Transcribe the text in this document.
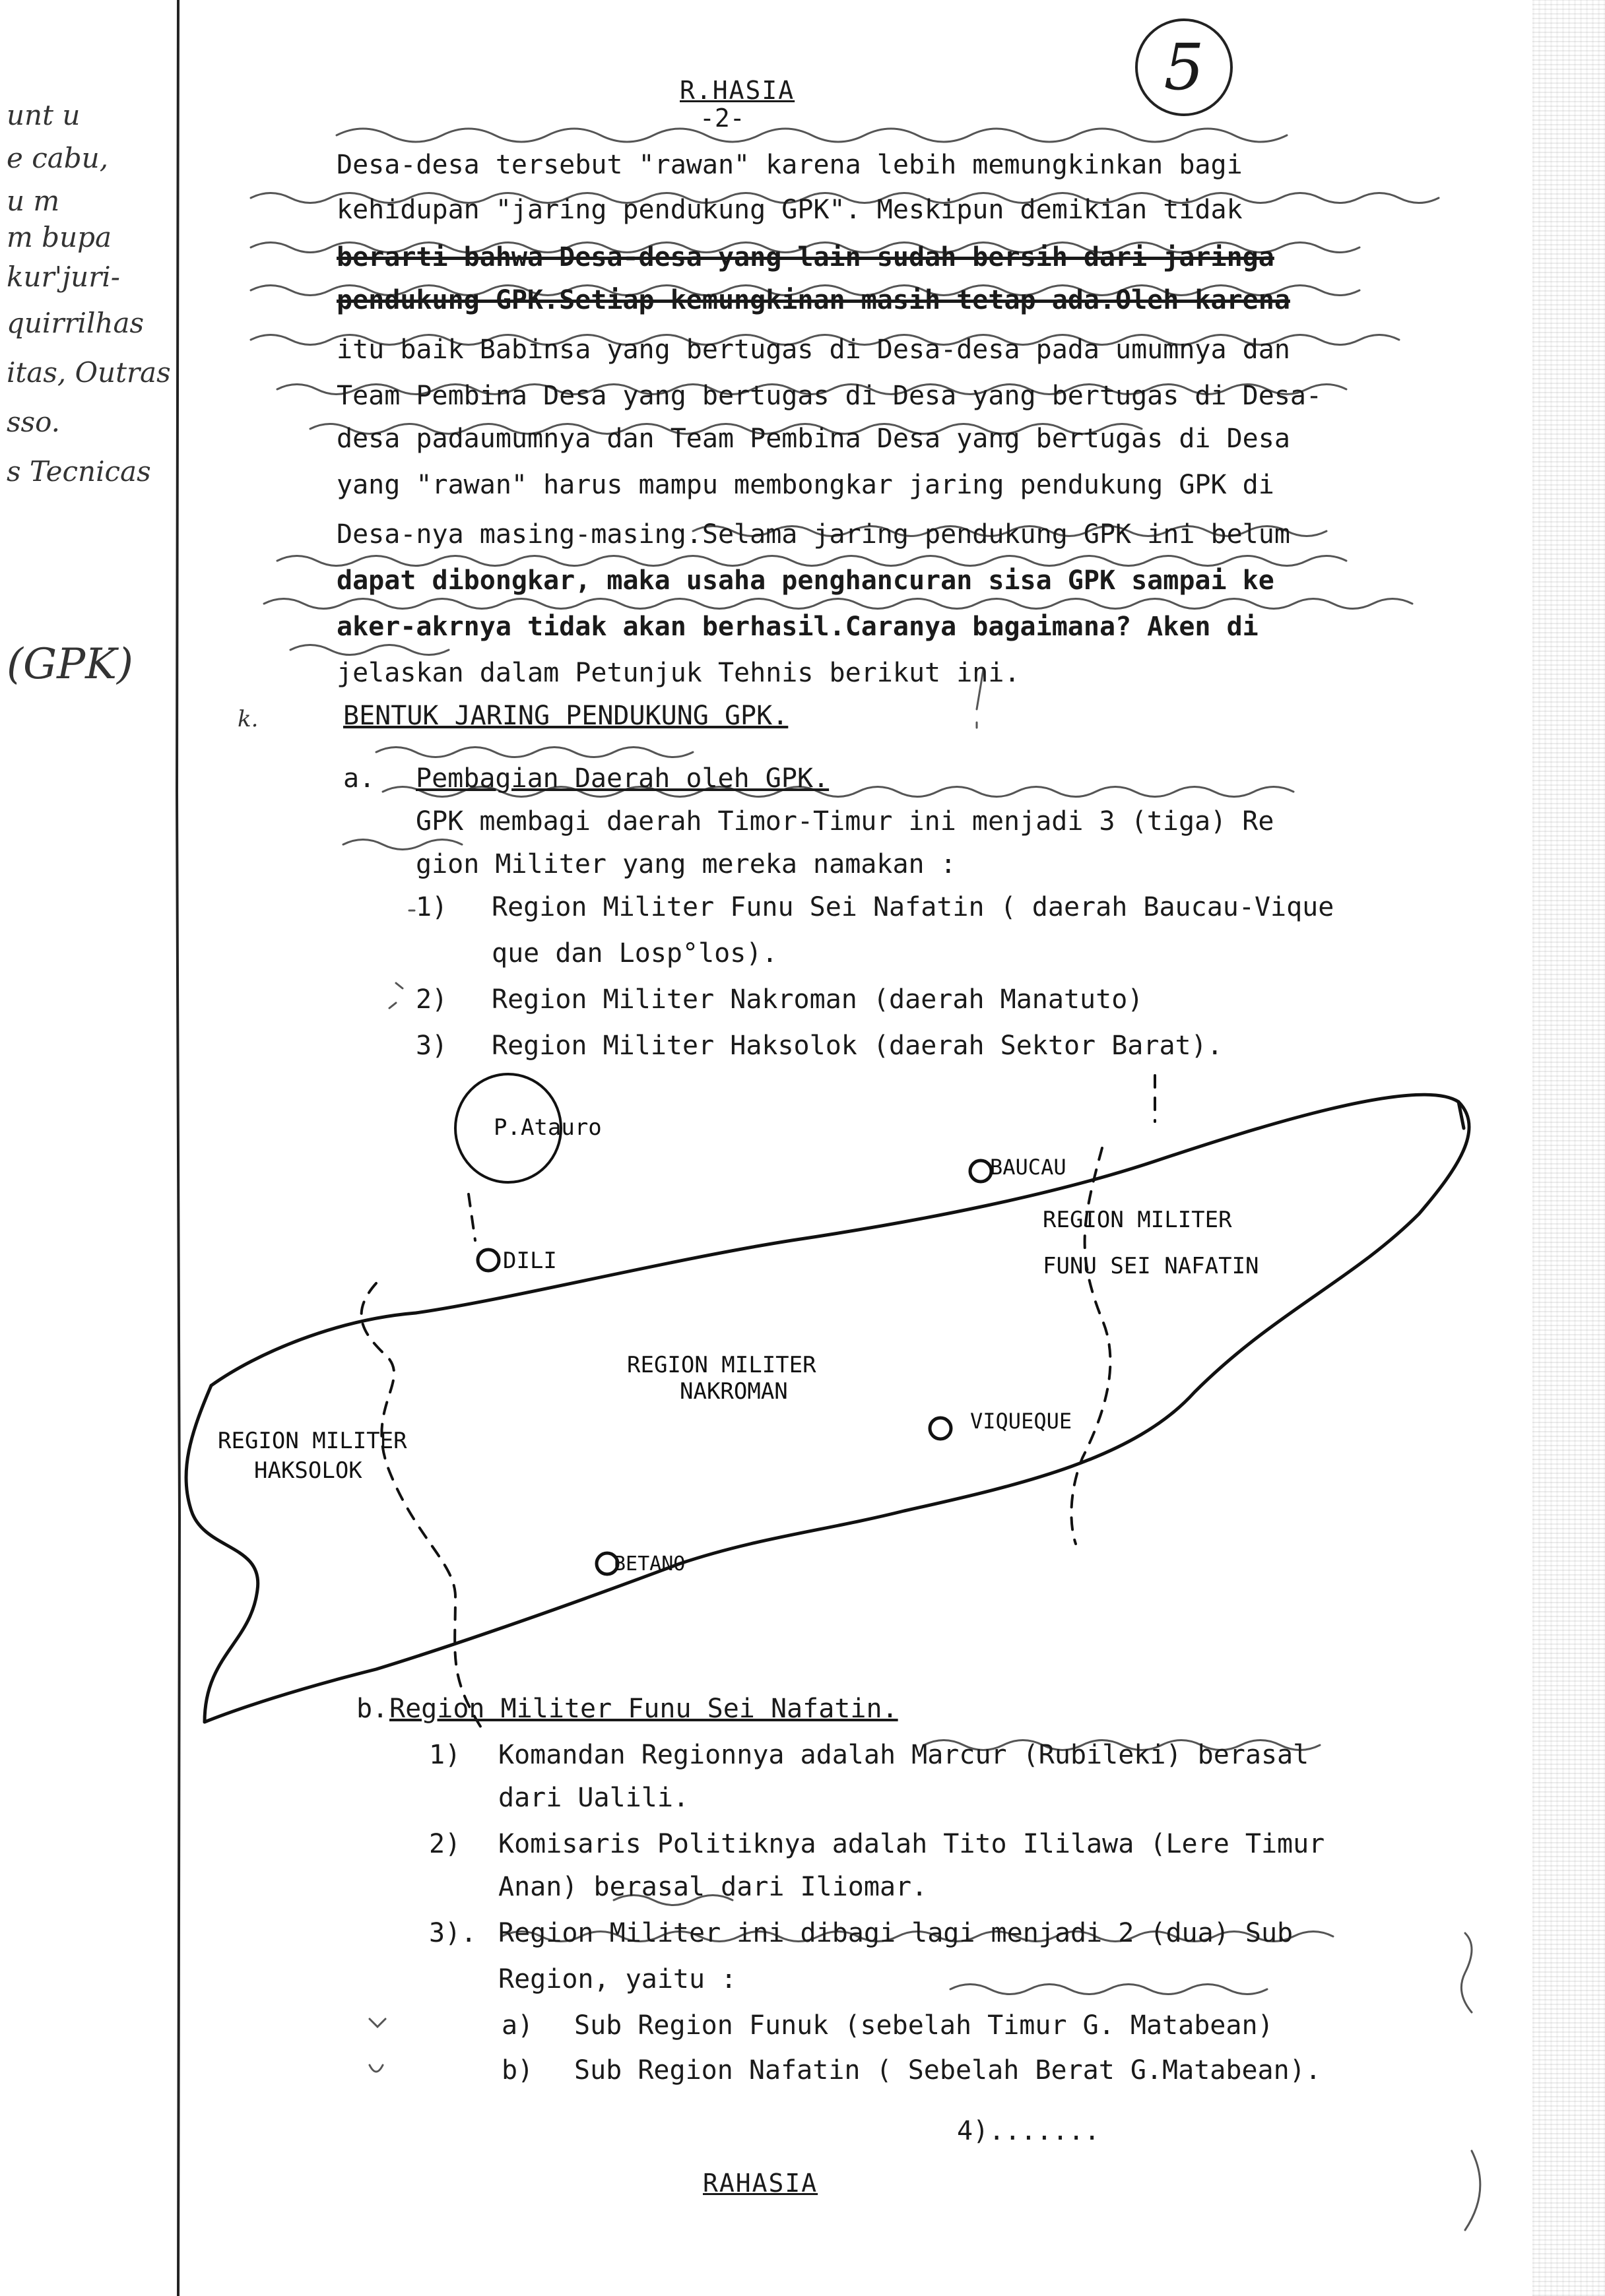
5
R.HASIA
-2-
unt u
e cabu,
u m
m bupa
kur'juri-
quirrilhas
itas, Outras
sso.
s Tecnicas
(GPK)
k.
Desa-desa tersebut "rawan" karena lebih memungkinkan bagi
kehidupan "jaring pendukung GPK". Meskipun demikian tidak
berarti bahwa Desa-desa yang lain sudah bersih dari jaringa
pendukung GPK.Setiap kemungkinan masih tetap ada.Oleh karena
itu baik Babinsa yang bertugas di Desa-desa pada umumnya dan
Team Pembina Desa yang bertugas di Desa yang bertugas di Desa-
desa padaumumnya dan Team Pembina Desa yang bertugas di Desa
yang "rawan" harus mampu membongkar jaring pendukung GPK di
Desa-nya masing-masing.Selama jaring pendukung GPK ini belum
dapat dibongkar, maka usaha penghancuran sisa GPK sampai ke
aker-akrnya tidak akan berhasil.Caranya bagaimana? Aken di
jelaskan dalam Petunjuk Tehnis berikut ini.
BENTUK JARING PENDUKUNG GPK.
a. Pembagian Daerah oleh GPK.
GPK membagi daerah Timor-Timur ini menjadi 3 (tiga) Re
gion Militer yang mereka namakan :
1) Region Militer Funu Sei Nafatin ( daerah Baucau-Vique
que dan Losp°los).
2) Region Militer Nakroman (daerah Manatuto)
3) Region Militer Haksolok (daerah Sektor Barat).
P.Atauro
DILI
BAUCAU
VIQUEQUE
BETANO
REGION MILITER
FUNU SEI NAFATIN
REGION MILITER
NAKROMAN
REGION MILITER
HAKSOLOK
b. Region Militer Funu Sei Nafatin.
1) Komandan Regionnya adalah Marcur (Rubileki) berasal
dari Ualili.
2) Komisaris Politiknya adalah Tito Ililawa (Lere Timur
Anan) berasal dari Iliomar.
3). Region Militer ini dibagi lagi menjadi 2 (dua) Sub
Region, yaitu :
a) Sub Region Funuk (sebelah Timur G. Matabean)
b) Sub Region Nafatin ( Sebelah Berat G.Matabean).
4).......
RAHASIA
